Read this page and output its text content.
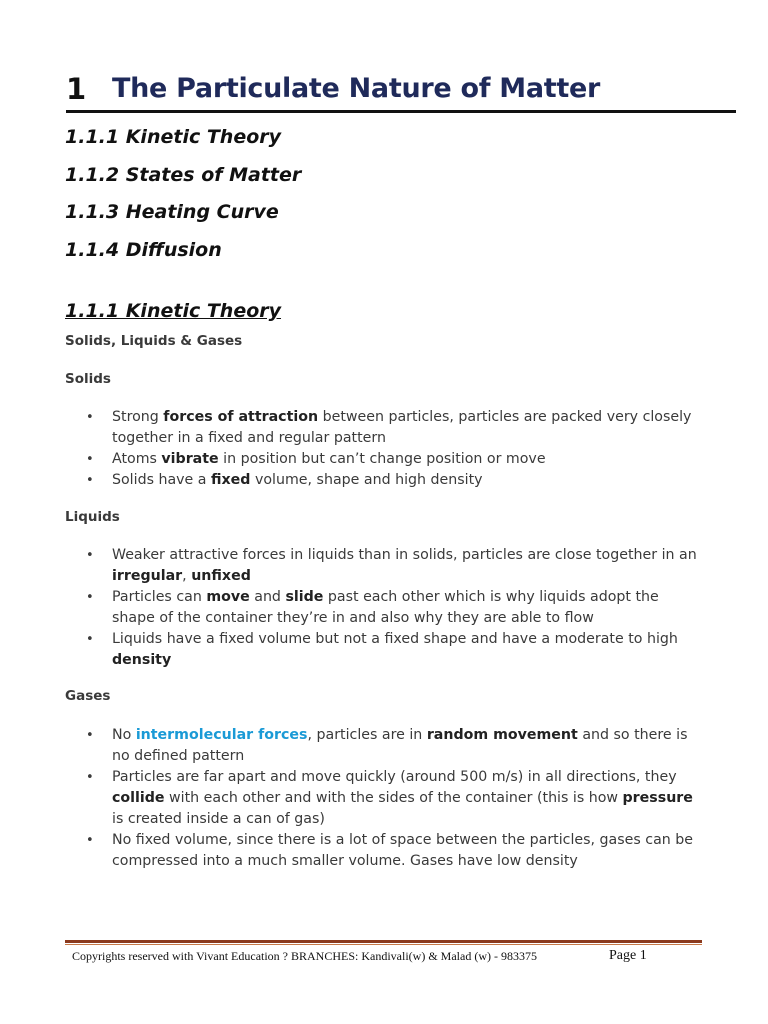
1 The Particulate Nature of Matter
1.1.1 Kinetic Theory
1.1.2 States of Matter
1.1.3 Heating Curve
1.1.4 Diffusion
1.1.1 Kinetic Theory
Solids, Liquids & Gases
Solids
• Strong forces of attraction between particles, particles are packed very closely together in a fixed and regular pattern
• Atoms vibrate in position but can’t change position or move
• Solids have a fixed volume, shape and high density
Liquids
• Weaker attractive forces in liquids than in solids, particles are close together in an irregular, unfixed
• Particles can move and slide past each other which is why liquids adopt the shape of the container they’re in and also why they are able to flow
• Liquids have a fixed volume but not a fixed shape and have a moderate to high density
Gases
• No intermolecular forces, particles are in random movement and so there is no defined pattern
• Particles are far apart and move quickly (around 500 m/s) in all directions, they collide with each other and with the sides of the container (this is how pressure is created inside a can of gas)
• No fixed volume, since there is a lot of space between the particles, gases can be compressed into a much smaller volume. Gases have low density
Copyrights reserved with Vivant Education ? BRANCHES: Kandivali(w) & Malad (w) - 983375	Page 1
